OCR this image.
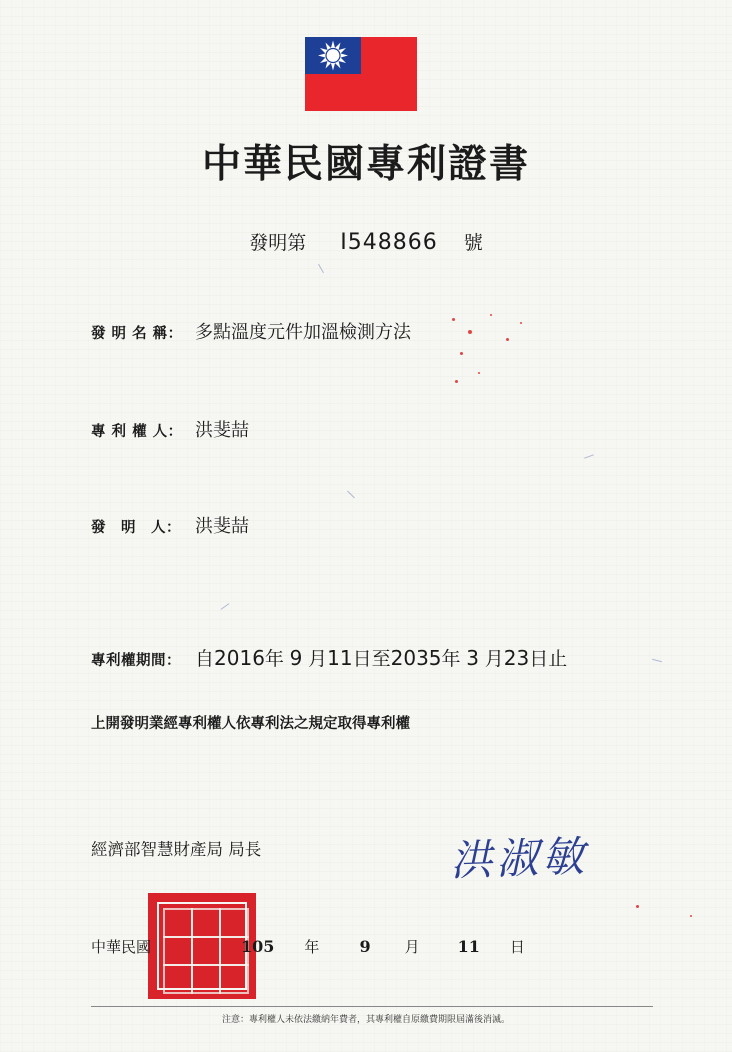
中華民國專利證書
發明第 I548866 號
發 明 名 稱： 多點溫度元件加溫檢測方法
專 利 權 人： 洪斐喆
發　明　人： 洪斐喆
專利權期間： 自2016年 9 月11日至2035年 3 月23日止
上開發明業經專利權人依專利法之規定取得專利權
經濟部智慧財產局 局長	洪淑敏
中華民國	105 年	9 月 11 日
注意：專利權人未依法繳納年費者，其專利權自原繳費期限屆滿後消滅。
